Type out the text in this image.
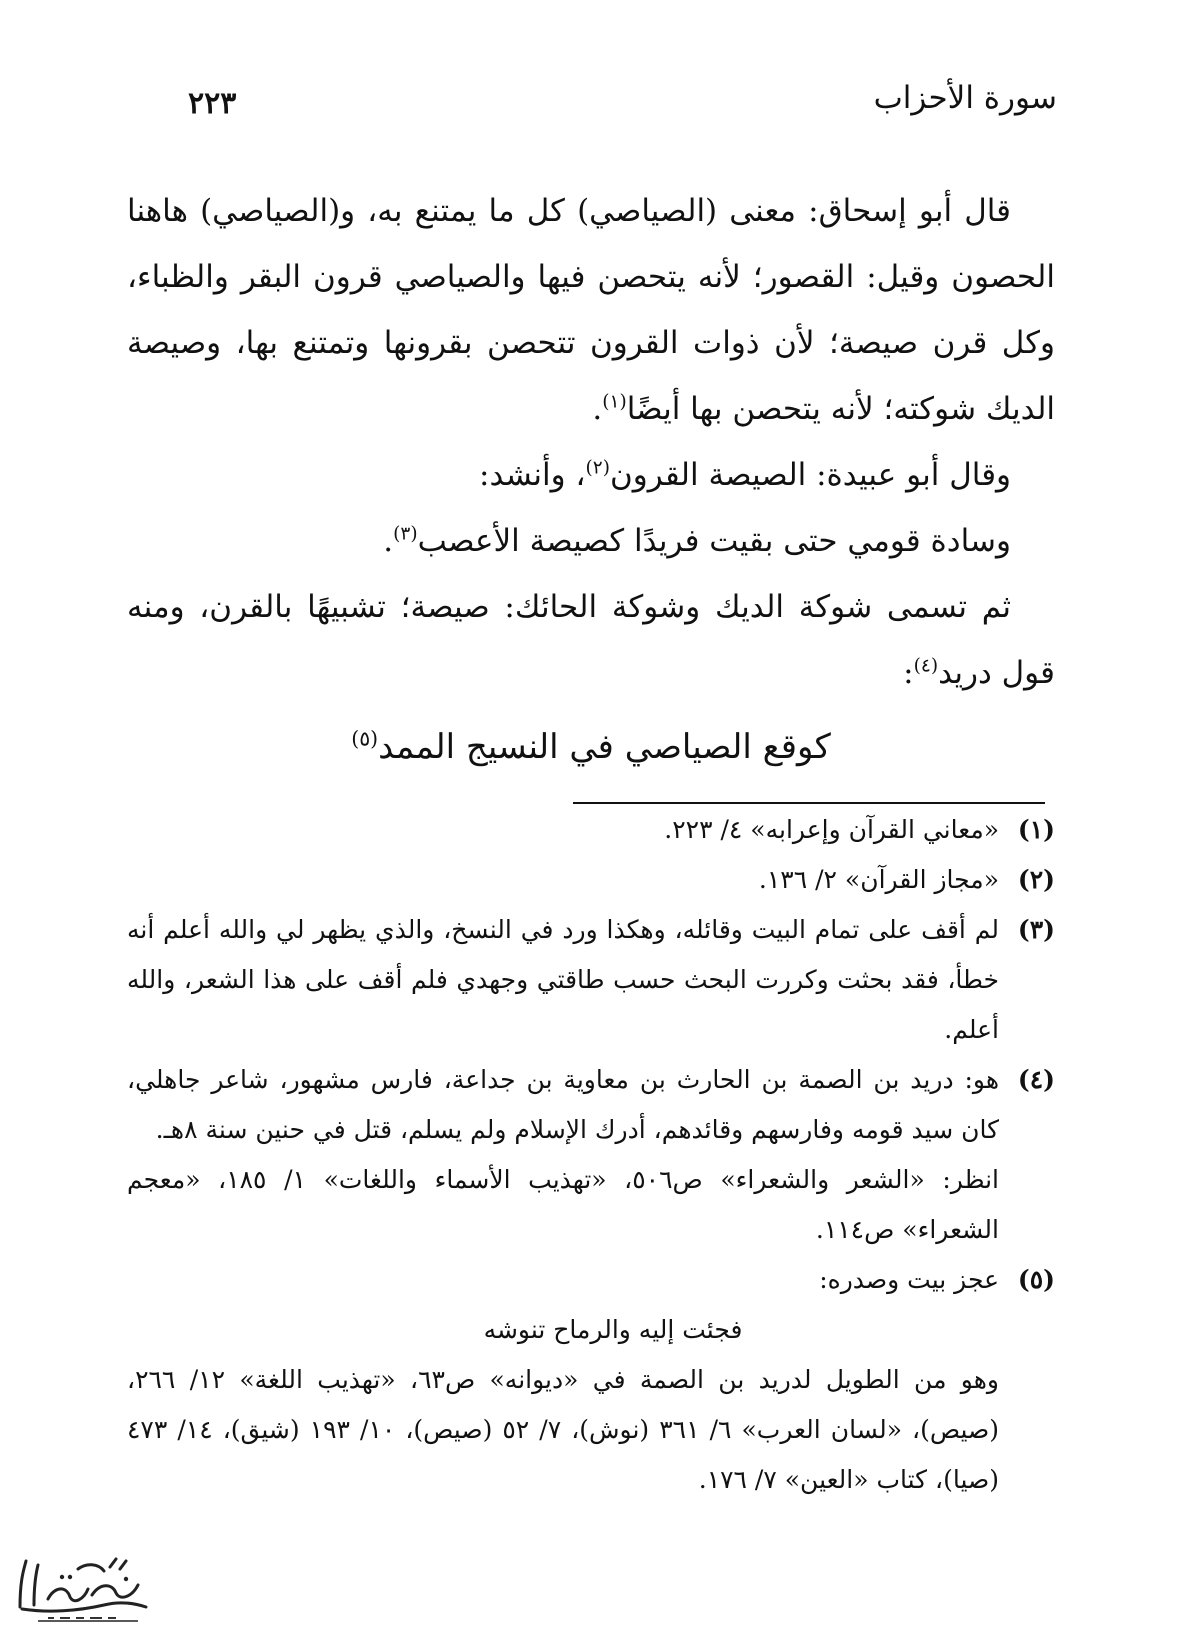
سورة الأحزاب
٢٢٣

قال أبو إسحاق: معنى (الصياصي) كل ما يمتنع به، و(الصياصي) هاهنا الحصون وقيل: القصور؛ لأنه يتحصن فيها والصياصي قرون البقر والظباء، وكل قرن صيصة؛ لأن ذوات القرون تتحصن بقرونها وتمتنع بها، وصيصة الديك شوكته؛ لأنه يتحصن بها أيضًا$^{(١)}$.

وقال أبو عبيدة: الصيصة القرون$^{(٢)}$، وأنشد:

وسادة قومي حتى بقيت فريدًا كصيصة الأعصب$^{(٣)}$.

ثم تسمى شوكة الديك وشوكة الحائك: صيصة؛ تشبيهًا بالقرن، ومنه قول دريد$^{(٤)}$:

كوقع الصياصي في النسيج الممد$^{(٥)}$

(١)
«معاني القرآن وإعرابه» ٤/ ٢٢٣.
(٢)
«مجاز القرآن» ٢/ ١٣٦.
(٣)
لم أقف على تمام البيت وقائله، وهكذا ورد في النسخ، والذي يظهر لي والله أعلم أنه خطأ، فقد بحثت وكررت البحث حسب طاقتي وجهدي فلم أقف على هذا الشعر، والله أعلم.
(٤)
هو: دريد بن الصمة بن الحارث بن معاوية بن جداعة، فارس مشهور، شاعر جاهلي، كان سيد قومه وفارسهم وقائدهم، أدرك الإسلام ولم يسلم، قتل في حنين سنة ٨هـ.
انظر: «الشعر والشعراء» ص٥٠٦، «تهذيب الأسماء واللغات» ١/ ١٨٥، «معجم الشعراء» ص١١٤.
(٥)
عجز بيت وصدره:
فجئت إليه والرماح تنوشه
وهو من الطويل لدريد بن الصمة في «ديوانه» ص٦٣، «تهذيب اللغة» ١٢/ ٢٦٦، (صيص)، «لسان العرب» ٦/ ٣٦١ (نوش)، ٧/ ٥٢ (صيص)، ١٠/ ١٩٣ (شيق)، ١٤/ ٤٧٣ (صيا)، كتاب «العين» ٧/ ١٧٦.
